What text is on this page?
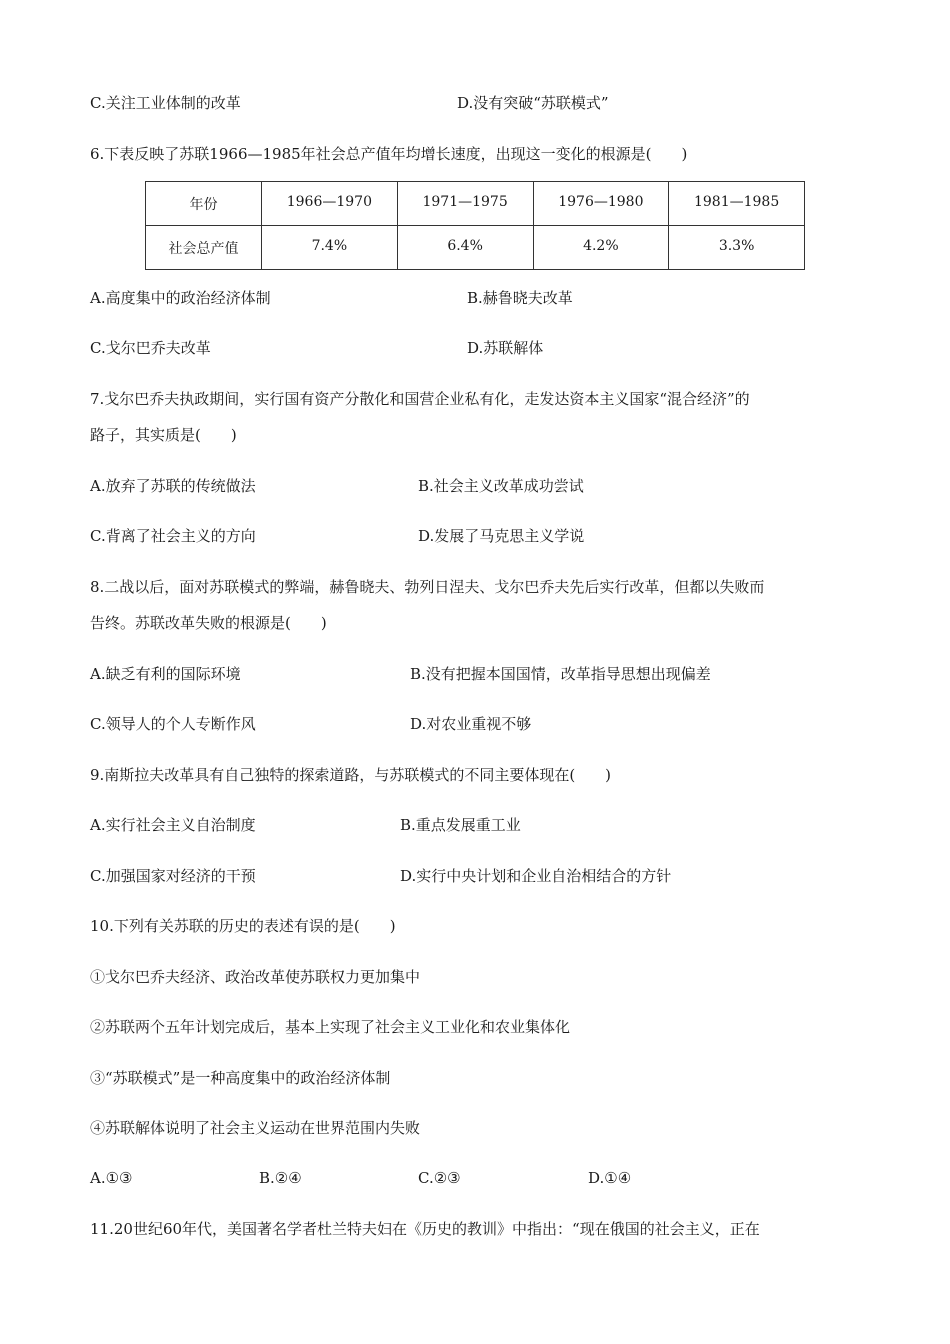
C.关注工业体制的改革	D.没有突破“苏联模式”
6.下表反映了苏联1966—1985年社会总产值年均增长速度，出现这一变化的根源是(　　)
年份	1966—1970	1971—1975	1976—1980	1981—1985
社会总产值	7.4%	6.4%	4.2%	3.3%
A.高度集中的政治经济体制	B.赫鲁晓夫改革
C.戈尔巴乔夫改革	D.苏联解体
7.戈尔巴乔夫执政期间，实行国有资产分散化和国营企业私有化，走发达资本主义国家“混合经济”的
路子，其实质是(　　)
A.放弃了苏联的传统做法	B.社会主义改革成功尝试
C.背离了社会主义的方向	D.发展了马克思主义学说
8.二战以后，面对苏联模式的弊端，赫鲁晓夫、勃列日涅夫、戈尔巴乔夫先后实行改革，但都以失败而
告终。苏联改革失败的根源是(　　)
A.缺乏有利的国际环境	B.没有把握本国国情，改革指导思想出现偏差
C.领导人的个人专断作风	D.对农业重视不够
9.南斯拉夫改革具有自己独特的探索道路，与苏联模式的不同主要体现在(　　)
A.实行社会主义自治制度	B.重点发展重工业
C.加强国家对经济的干预	D.实行中央计划和企业自治相结合的方针
10.下列有关苏联的历史的表述有误的是(　　)
①戈尔巴乔夫经济、政治改革使苏联权力更加集中
②苏联两个五年计划完成后，基本上实现了社会主义工业化和农业集体化
③“苏联模式”是一种高度集中的政治经济体制
④苏联解体说明了社会主义运动在世界范围内失败
A.①③	B.②④	C.②③	D.①④
11.20世纪60年代，美国著名学者杜兰特夫妇在《历史的教训》中指出：“现在俄国的社会主义，正在
